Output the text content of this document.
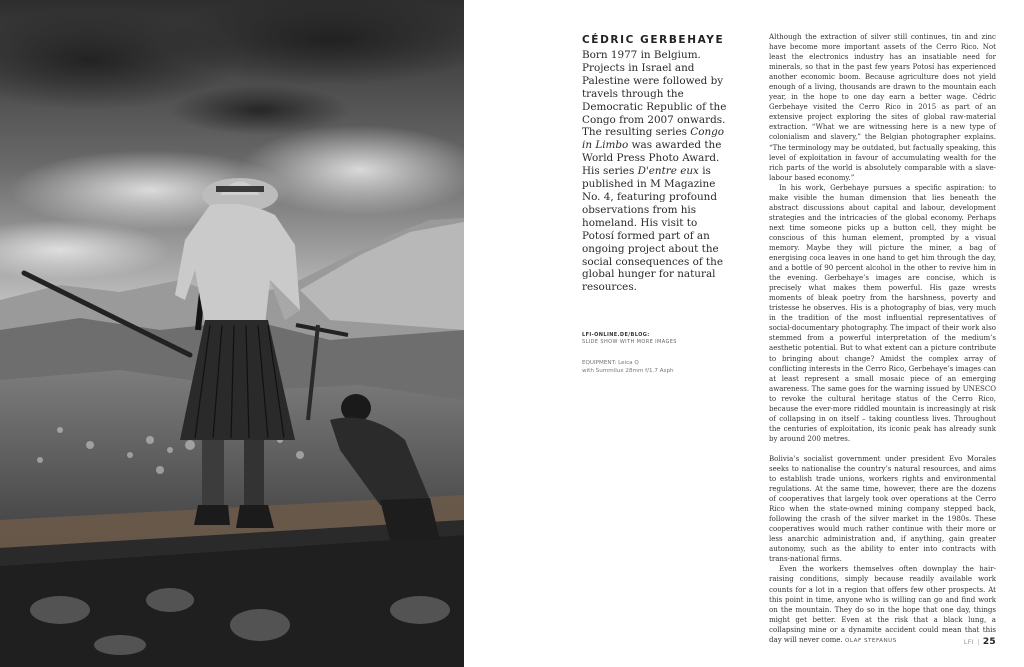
CÉDRIC GERBEHAYE

Born 1977 in Belgium. Projects in Israel and Palestine were followed by travels through the Democratic Republic of the Congo from 2007 onwards. The resulting series Congo in Limbo was awarded the World Press Photo Award. His series D'entre eux is published in M Magazine No. 4, featuring profound observations from his homeland. His visit to Potosí formed part of an ongoing project about the social consequences of the global hunger for natural resources.

LFI-ONLINE.DE/BLOG:
SLIDE SHOW WITH MORE IMAGES
EQUIPMENT: Leica Q
with Summilux 28mm f/1.7 Asph

Although the extraction of silver still continues, tin and zinc have become more important assets of the Cerro Rico. Not least the electronics industry has an insatiable need for minerals, so that in the past few years Potosí has experienced another economic boom. Because agriculture does not yield enough of a living, thousands are drawn to the mountain each year, in the hope to one day earn a better wage. Cédric Gerbehaye visited the Cerro Rico in 2015 as part of an extensive project exploring the sites of global raw-material extraction. “What we are witnessing here is a new type of colonialism and slavery,” the Belgian photographer explains. “The terminology may be outdated, but factually speaking, this level of exploitation in favour of accumulating wealth for the rich parts of the world is absolutely comparable with a slave-labour based economy.”

In his work, Gerbehaye pursues a specific aspiration: to make visible the human dimension that lies beneath the abstract discussions about capital and labour, development strategies and the intricacies of the global economy. Perhaps next time someone picks up a button cell, they might be conscious of this human element, prompted by a visual memory. Maybe they will picture the miner, a bag of energising coca leaves in one hand to get him through the day, and a bottle of 90 percent alcohol in the other to revive him in the evening. Gerbehaye’s images are concise, which is precisely what makes them powerful. His gaze wrests moments of bleak poetry from the harshness, poverty and tristesse he observes. His is a photography of bias, very much in the tradition of the most influential representatives of social-documentary photography. The impact of their work also stemmed from a powerful interpretation of the medium’s aesthetic potential. But to what extent can a picture contribute to bringing about change? Amidst the complex array of conflicting interests in the Cerro Rico, Gerbehaye’s images can at least represent a small mosaic piece of an emerging awareness. The same goes for the warning issued by UNESCO to revoke the cultural heritage status of the Cerro Rico, because the ever-more riddled mountain is increasingly at risk of collapsing in on itself – taking countless lives. Throughout the centuries of exploitation, its iconic peak has already sunk by around 200 metres.

Bolivia’s socialist government under president Evo Morales seeks to nationalise the country’s natural resources, and aims to establish trade unions, workers rights and environmental regulations. At the same time, however, there are the dozens of cooperatives that largely took over operations at the Cerro Rico when the state-owned mining company stepped back, following the crash of the silver market in the 1980s. These cooperatives would much rather continue with their more or less anarchic administration and, if anything, gain greater autonomy, such as the ability to enter into contracts with trans-national firms.

Even the workers themselves often downplay the hair-raising conditions, simply because readily available work counts for a lot in a region that offers few other prospects. At this point in time, anyone who is willing can go and find work on the mountain. They do so in the hope that one day, things might get better. Even at the risk that a black lung, a collapsing mine or a dynamite accident could mean that this day will never come. OLAF STEFANUS	LFI | 25
